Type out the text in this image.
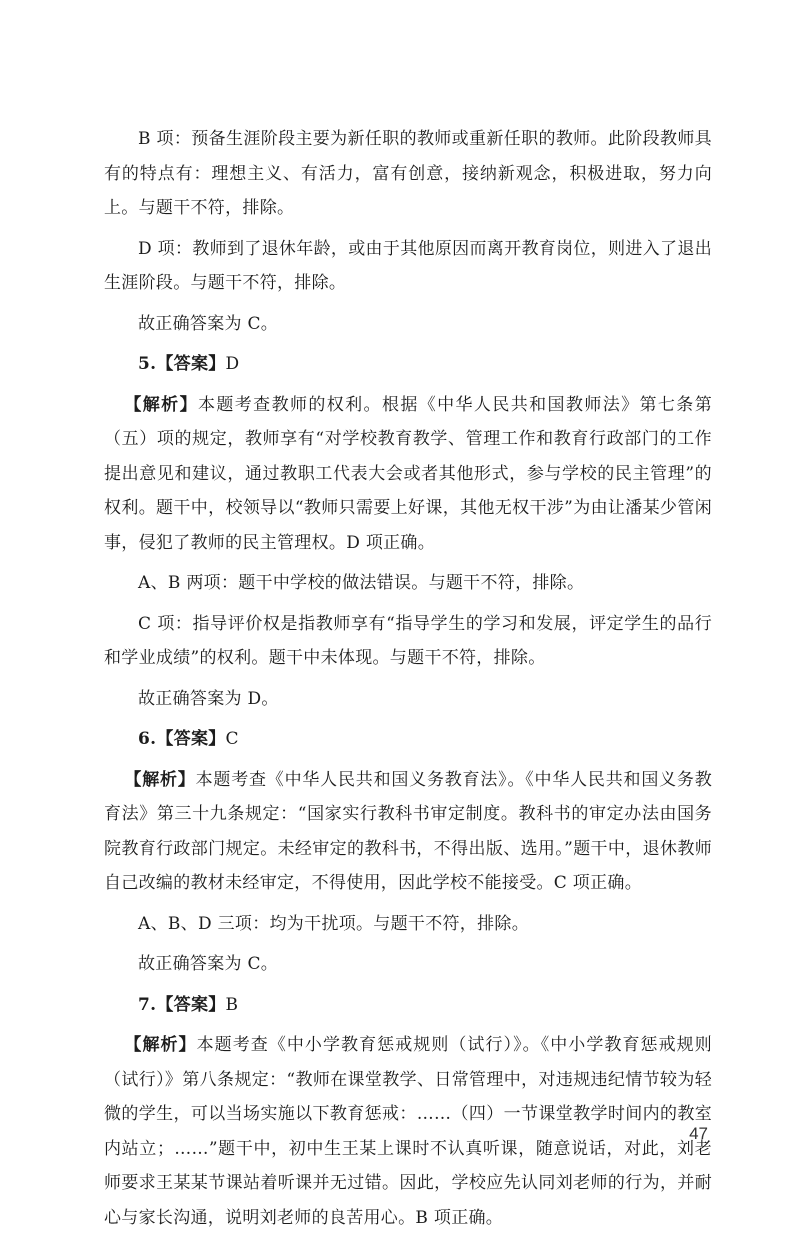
B 项：预备生涯阶段主要为新任职的教师或重新任职的教师。此阶段教师具有的特点有：理想主义、有活力，富有创意，接纳新观念，积极进取，努力向上。与题干不符，排除。

D 项：教师到了退休年龄，或由于其他原因而离开教育岗位，则进入了退出生涯阶段。与题干不符，排除。

故正确答案为 C。

5.【答案】D

【解析】本题考查教师的权利。根据《中华人民共和国教师法》第七条第（五）项的规定，教师享有“对学校教育教学、管理工作和教育行政部门的工作提出意见和建议，通过教职工代表大会或者其他形式，参与学校的民主管理”的权利。题干中，校领导以“教师只需要上好课，其他无权干涉”为由让潘某少管闲事，侵犯了教师的民主管理权。D 项正确。

A、B 两项：题干中学校的做法错误。与题干不符，排除。

C 项：指导评价权是指教师享有“指导学生的学习和发展，评定学生的品行和学业成绩”的权利。题干中未体现。与题干不符，排除。

故正确答案为 D。

6.【答案】C

【解析】本题考查《中华人民共和国义务教育法》。《中华人民共和国义务教育法》第三十九条规定：“国家实行教科书审定制度。教科书的审定办法由国务院教育行政部门规定。未经审定的教科书，不得出版、选用。”题干中，退休教师自己改编的教材未经审定，不得使用，因此学校不能接受。C 项正确。

A、B、D 三项：均为干扰项。与题干不符，排除。

故正确答案为 C。

7.【答案】B

【解析】本题考查《中小学教育惩戒规则（试行）》。《中小学教育惩戒规则（试行）》第八条规定：“教师在课堂教学、日常管理中，对违规违纪情节较为轻微的学生，可以当场实施以下教育惩戒：……（四）一节课堂教学时间内的教室内站立；……”题干中，初中生王某上课时不认真听课，随意说话，对此，刘老师要求王某某节课站着听课并无过错。因此，学校应先认同刘老师的行为，并耐心与家长沟通，说明刘老师的良苦用心。B 项正确。

47
